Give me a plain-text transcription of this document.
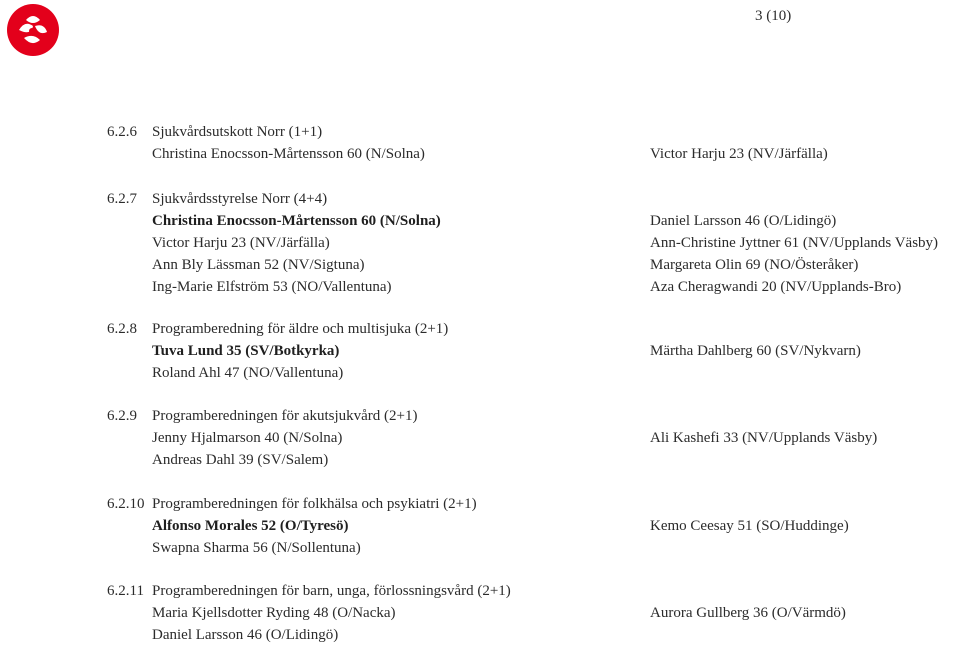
3 (10)
6.2.6 Sjukvårdsutskott Norr (1+1)
Christina Enocsson-Mårtensson 60 (N/Solna)	Victor Harju 23 (NV/Järfälla)
6.2.7 Sjukvårdsstyrelse Norr (4+4)
Christina Enocsson-Mårtensson 60 (N/Solna)
Victor Harju 23 (NV/Järfälla)
Ann Bly Lässman 52 (NV/Sigtuna)
Ing-Marie Elfström 53 (NO/Vallentuna)
Daniel Larsson 46 (O/Lidingö)
Ann-Christine Jyttner 61 (NV/Upplands Väsby)
Margareta Olin 69 (NO/Österåker)
Aza Cheragwandi 20 (NV/Upplands-Bro)
6.2.8 Programberedning för äldre och multisjuka (2+1)
Tuva Lund 35 (SV/Botkyrka)
Roland Ahl 47 (NO/Vallentuna)
Märtha Dahlberg 60 (SV/Nykvarn)
6.2.9 Programberedningen för akutsjukvård (2+1)
Jenny Hjalmarson 40 (N/Solna)
Andreas Dahl 39 (SV/Salem)
Ali Kashefi 33 (NV/Upplands Väsby)
6.2.10 Programberedningen för folkhälsa och psykiatri (2+1)
Alfonso Morales 52 (O/Tyresö)
Swapna Sharma 56 (N/Sollentuna)
Kemo Ceesay 51 (SO/Huddinge)
6.2.11 Programberedningen för barn, unga, förlossningsvård (2+1)
Maria Kjellsdotter Ryding 48 (O/Nacka)
Daniel Larsson 46 (O/Lidingö)
Aurora Gullberg 36 (O/Värmdö)
